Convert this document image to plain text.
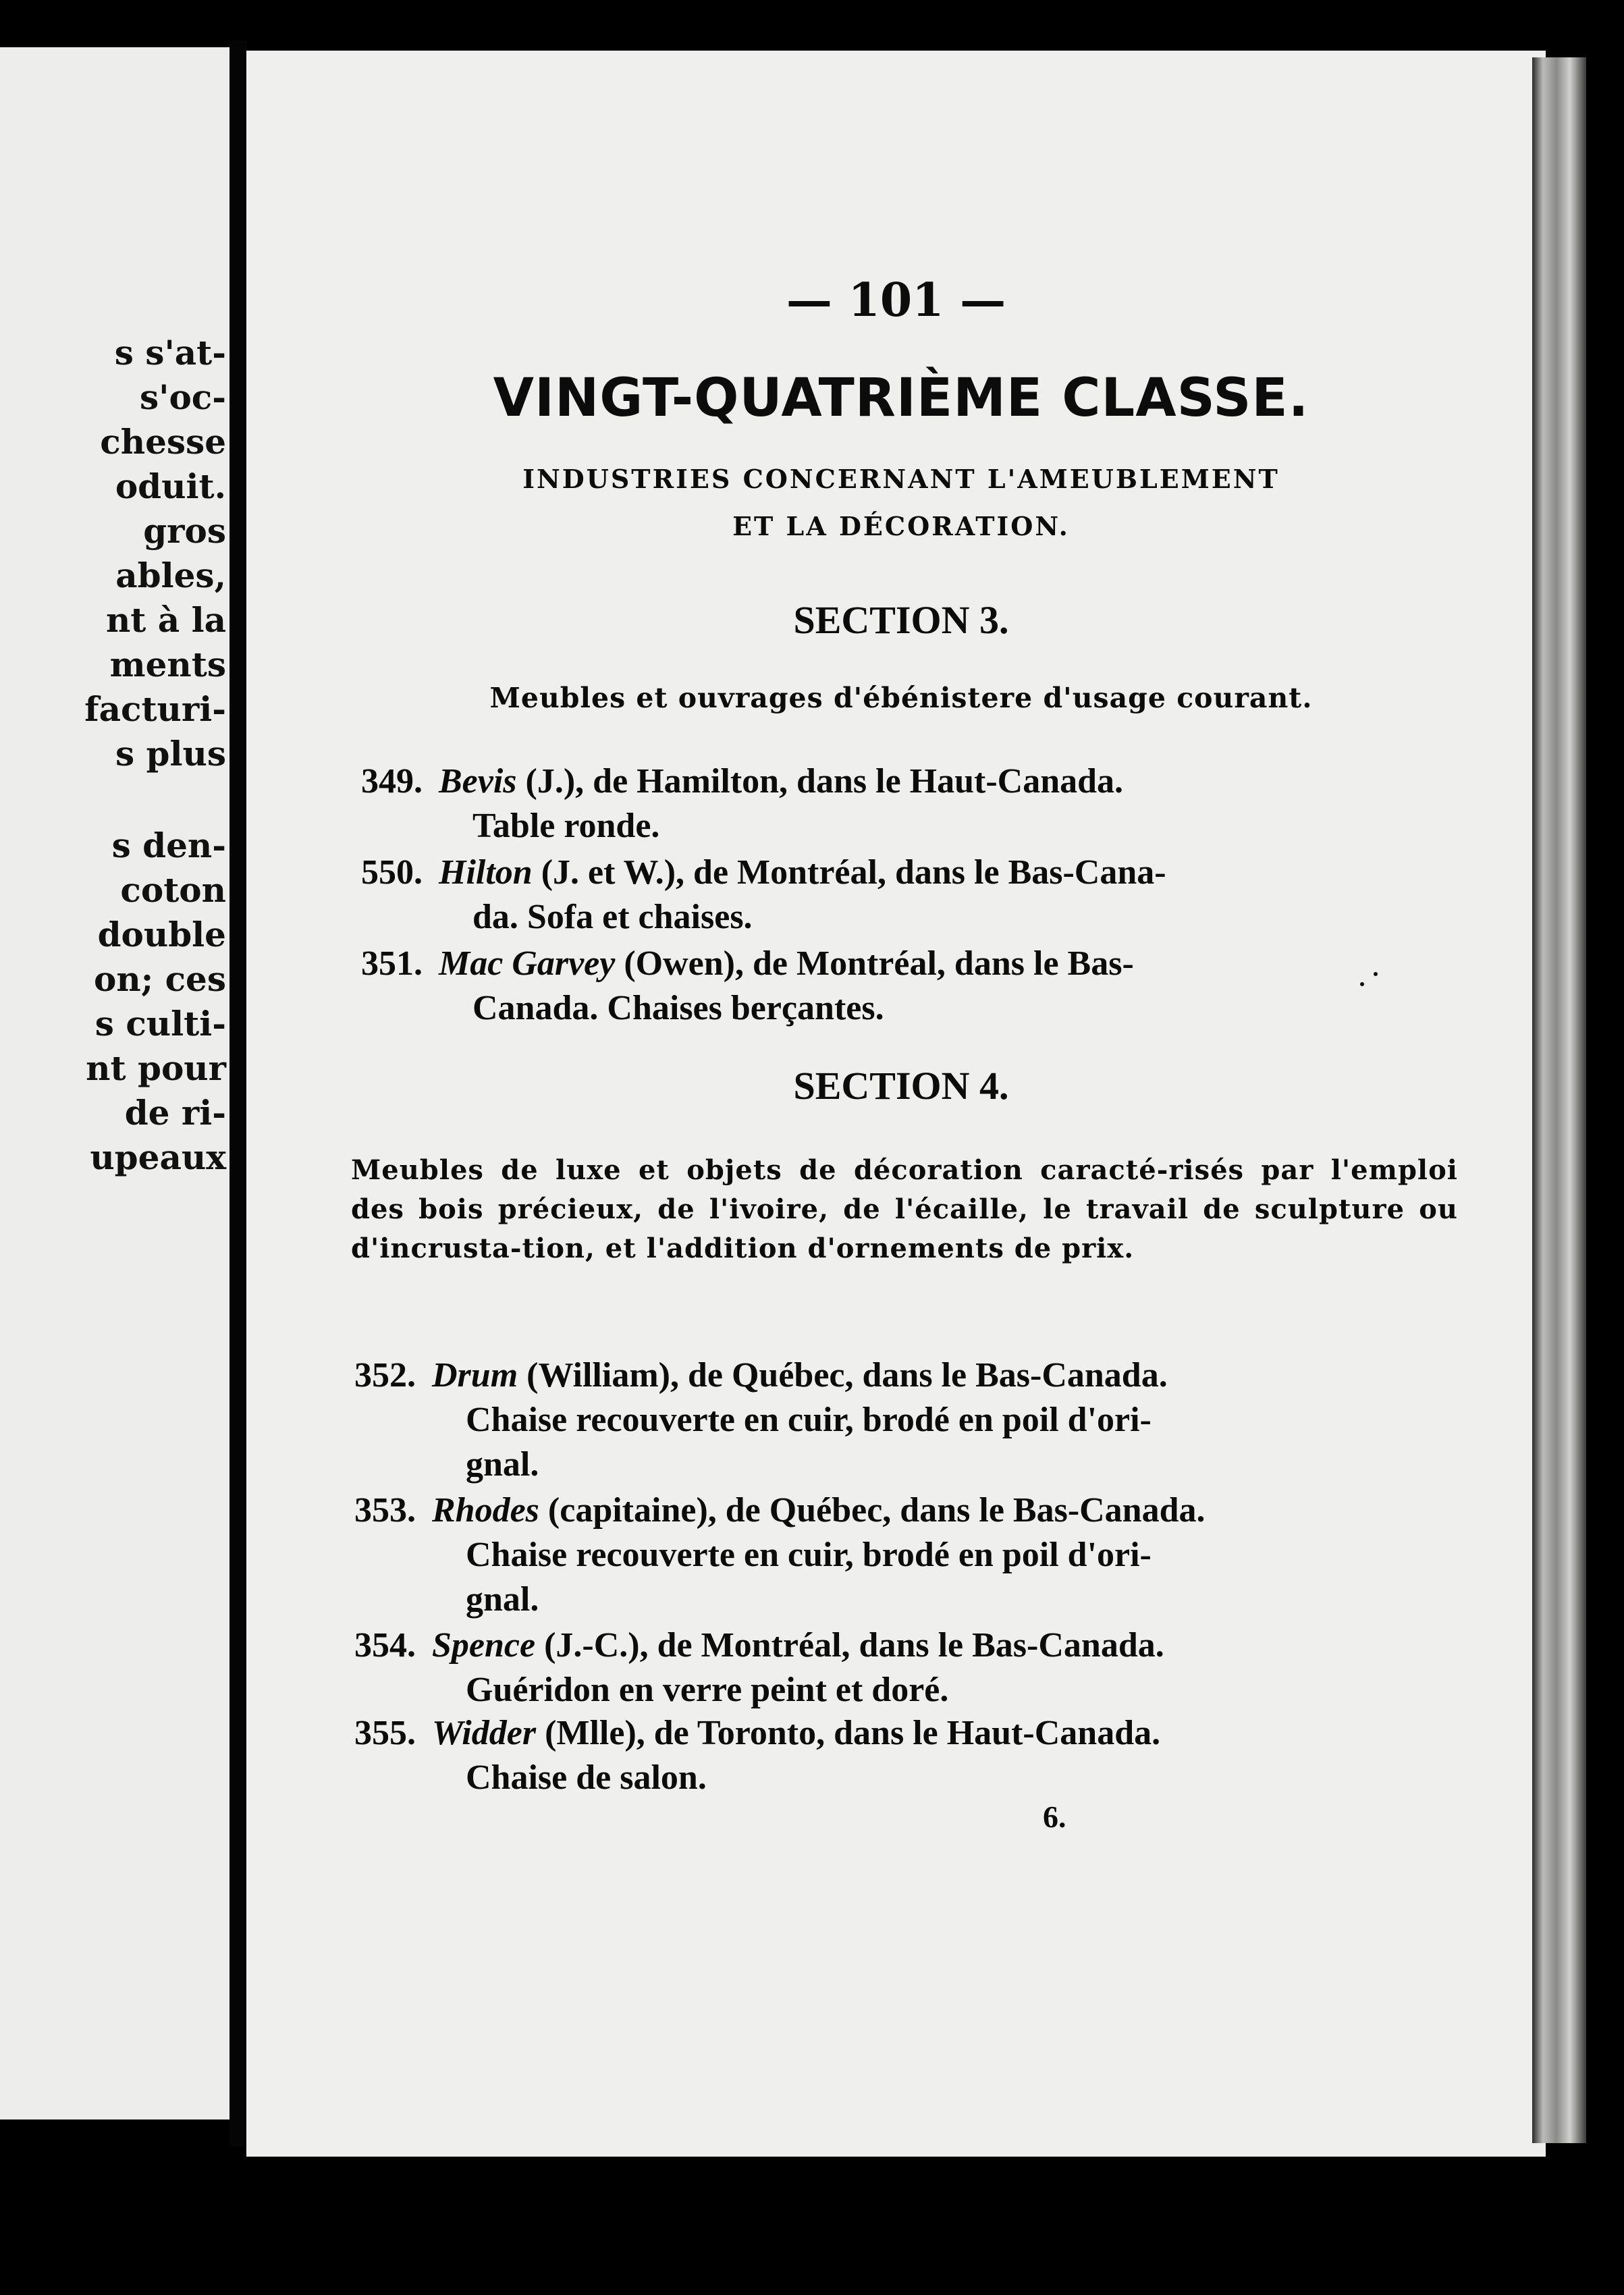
s s'at-
s'oc-
chesse
oduit.
gros
ables,
nt à la
ments
facturi-
s plus
s den-
coton
double
on; ces
s culti-
nt pour
de ri-
upeaux
— 101 —
VINGT-QUATRIÈME CLASSE.
INDUSTRIES CONCERNANT L'AMEUBLEMENT
ET LA DÉCORATION.
SECTION 3.
Meubles et ouvrages d'ébénistere d'usage courant.
349. Bevis (J.), de Hamilton, dans le Haut-Canada.
Table ronde.
550. Hilton (J. et W.), de Montréal, dans le Bas-Cana-
da. Sofa et chaises.
351. Mac Garvey (Owen), de Montréal, dans le Bas-
Canada. Chaises berçantes.
SECTION 4.
Meubles de luxe et objets de décoration caracté-risés par l'emploi des bois précieux, de l'ivoire, de l'écaille, le travail de sculpture ou d'incrusta-tion, et l'addition d'ornements de prix.
352. Drum (William), de Québec, dans le Bas-Canada.
Chaise recouverte en cuir, brodé en poil d'ori-
gnal.
353. Rhodes (capitaine), de Québec, dans le Bas-Canada.
Chaise recouverte en cuir, brodé en poil d'ori-
gnal.
354. Spence (J.-C.), de Montréal, dans le Bas-Canada.
Guéridon en verre peint et doré.
355. Widder (Mlle), de Toronto, dans le Haut-Canada.
Chaise de salon.
6.
